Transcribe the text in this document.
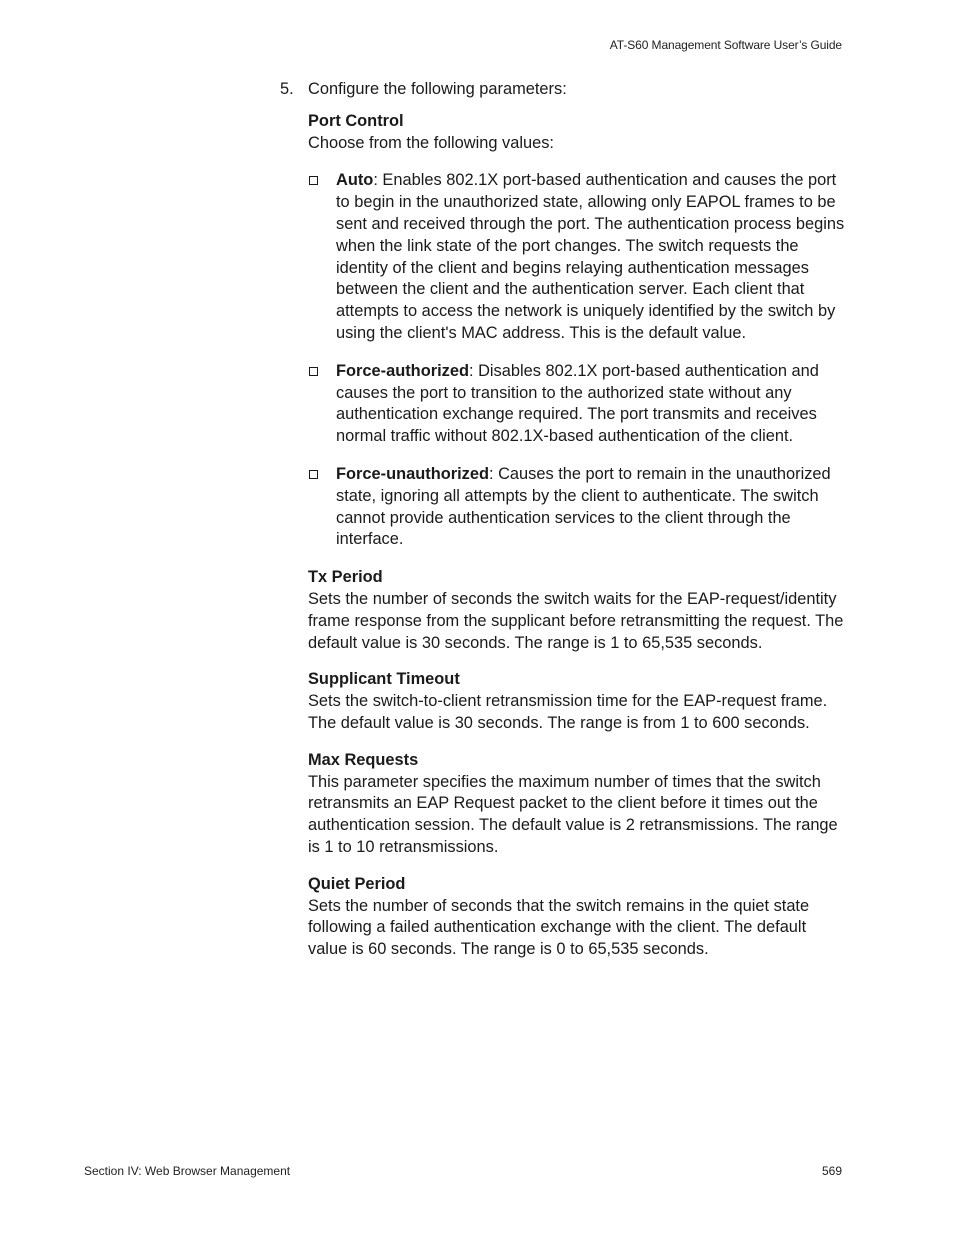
AT-S60 Management Software User’s Guide
5. Configure the following parameters:
Port Control

Choose from the following values:

Auto: Enables 802.1X port-based authentication and causes the port to begin in the unauthorized state, allowing only EAPOL frames to be sent and received through the port. The authentication process begins when the link state of the port changes. The switch requests the identity of the client and begins relaying authentication messages between the client and the authentication server. Each client that attempts to access the network is uniquely identified by the switch by using the client's MAC address. This is the default value.
Force-authorized: Disables 802.1X port-based authentication and causes the port to transition to the authorized state without any authentication exchange required. The port transmits and receives normal traffic without 802.1X-based authentication of the client.
Force-unauthorized: Causes the port to remain in the unauthorized state, ignoring all attempts by the client to authenticate. The switch cannot provide authentication services to the client through the interface.
Tx Period

Sets the number of seconds the switch waits for the EAP-request/identity frame response from the supplicant before retransmitting the request. The default value is 30 seconds. The range is 1 to 65,535 seconds.

Supplicant Timeout

Sets the switch-to-client retransmission time for the EAP-request frame. The default value is 30 seconds. The range is from 1 to 600 seconds.

Max Requests

This parameter specifies the maximum number of times that the switch retransmits an EAP Request packet to the client before it times out the authentication session. The default value is 2 retransmissions. The range is 1 to 10 retransmissions.

Quiet Period

Sets the number of seconds that the switch remains in the quiet state following a failed authentication exchange with the client. The default value is 60 seconds. The range is 0 to 65,535 seconds.

Section IV: Web Browser Management	569
